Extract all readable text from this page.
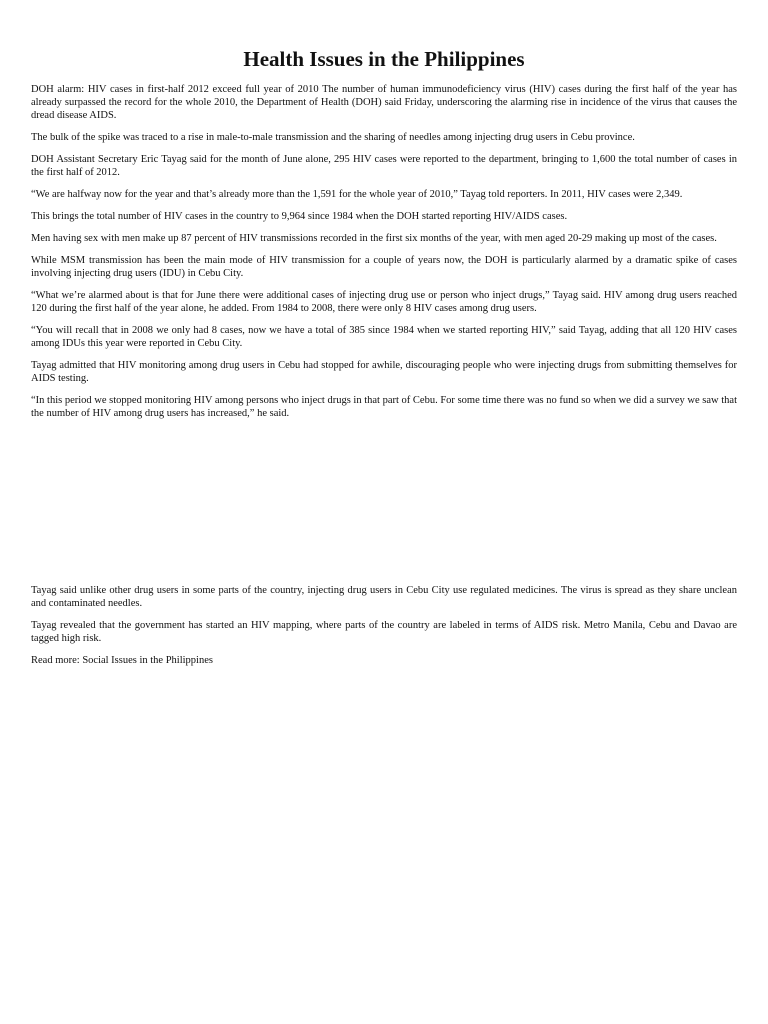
Health Issues in the Philippines

DOH alarm: HIV cases in first-half 2012 exceed full year of 2010 The number of human immunodeficiency virus (HIV) cases during the first half of the year has already surpassed the record for the whole 2010, the Department of Health (DOH) said Friday, underscoring the alarming rise in incidence of the virus that causes the dread disease AIDS.

The bulk of the spike was traced to a rise in male-to-male transmission and the sharing of needles among injecting drug users in Cebu province.

DOH Assistant Secretary Eric Tayag said for the month of June alone, 295 HIV cases were reported to the department, bringing to 1,600 the total number of cases in the first half of 2012.

“We are halfway now for the year and that’s already more than the 1,591 for the whole year of 2010,” Tayag told reporters. In 2011, HIV cases were 2,349.

This brings the total number of HIV cases in the country to 9,964 since 1984 when the DOH started reporting HIV/AIDS cases.

Men having sex with men make up 87 percent of HIV transmissions recorded in the first six months of the year, with men aged 20-29 making up most of the cases.

While MSM transmission has been the main mode of HIV transmission for a couple of years now, the DOH is particularly alarmed by a dramatic spike of cases involving injecting drug users (IDU) in Cebu City.

“What we’re alarmed about is that for June there were additional cases of injecting drug use or person who inject drugs,” Tayag said. HIV among drug users reached 120 during the first half of the year alone, he added. From 1984 to 2008, there were only 8 HIV cases among drug users.

“You will recall that in 2008 we only had 8 cases, now we have a total of 385 since 1984 when we started reporting HIV,” said Tayag, adding that all 120 HIV cases among IDUs this year were reported in Cebu City.

Tayag admitted that HIV monitoring among drug users in Cebu had stopped for awhile, discouraging people who were injecting drugs from submitting themselves for AIDS testing.

“In this period we stopped monitoring HIV among persons who inject drugs in that part of Cebu. For some time there was no fund so when we did a survey we saw that the number of HIV among drug users has increased,” he said.

Tayag said unlike other drug users in some parts of the country, injecting drug users in Cebu City use regulated medicines. The virus is spread as they share unclean and contaminated needles.

Tayag revealed that the government has started an HIV mapping, where parts of the country are labeled in terms of AIDS risk. Metro Manila, Cebu and Davao are tagged high risk.

Read more: Social Issues in the Philippines
